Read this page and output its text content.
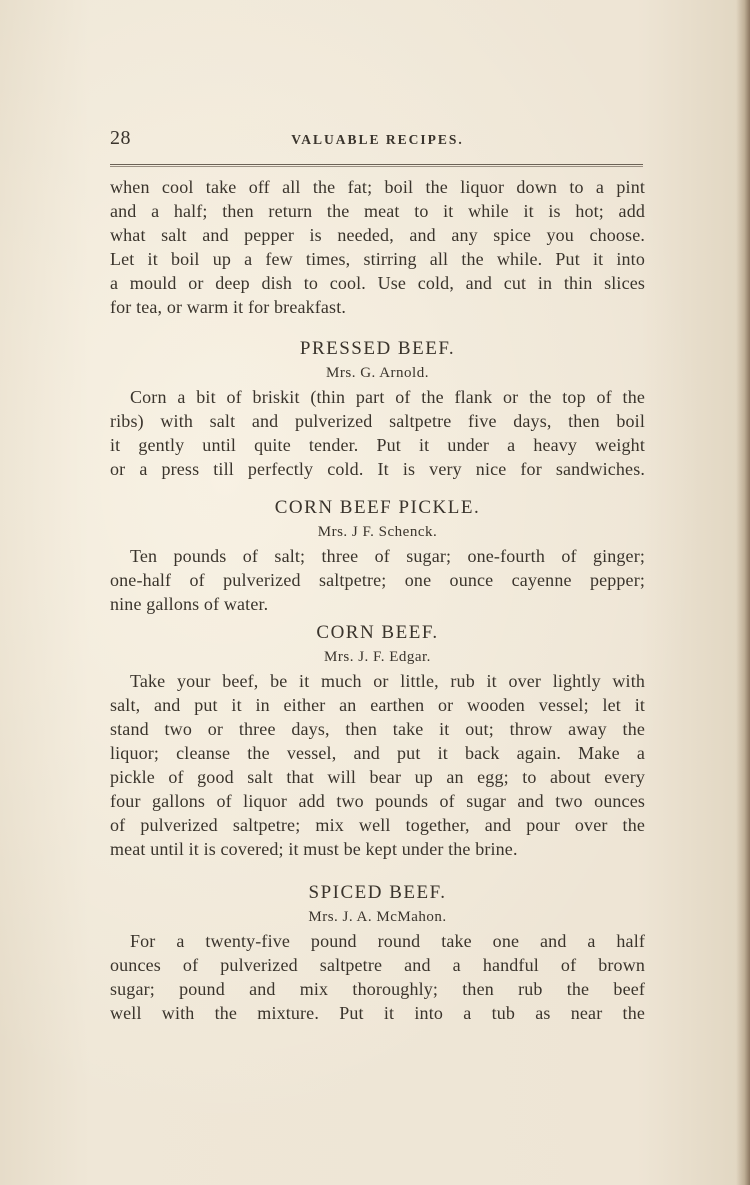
28	VALUABLE RECIPES.

when cool take off all the fat; boil the liquor down to a pint
and a half; then return the meat to it while it is hot; add
what salt and pepper is needed, and any spice you choose.
Let it boil up a few times, stirring all the while. Put it into
a mould or deep dish to cool. Use cold, and cut in thin slices
for tea, or warm it for breakfast.

PRESSED BEEF.
Mrs. G. Arnold.

Corn a bit of briskit (thin part of the flank or the top of the
ribs) with salt and pulverized saltpetre five days, then boil
it gently until quite tender. Put it under a heavy weight
or a press till perfectly cold. It is very nice for sandwiches.

CORN BEEF PICKLE.
Mrs. J F. Schenck.

Ten pounds of salt; three of sugar; one-fourth of ginger;
one-half of pulverized saltpetre; one ounce cayenne pepper;
nine gallons of water.

CORN BEEF.
Mrs. J. F. Edgar.

Take your beef, be it much or little, rub it over lightly with
salt, and put it in either an earthen or wooden vessel; let it
stand two or three days, then take it out; throw away the
liquor; cleanse the vessel, and put it back again. Make a
pickle of good salt that will bear up an egg; to about every
four gallons of liquor add two pounds of sugar and two ounces
of pulverized saltpetre; mix well together, and pour over the
meat until it is covered; it must be kept under the brine.

SPICED BEEF.
Mrs. J. A. McMahon.

For a twenty-five pound round take one and a half
ounces of pulverized saltpetre and a handful of brown
sugar; pound and mix thoroughly; then rub the beef
well with the mixture. Put it into a tub as near the
